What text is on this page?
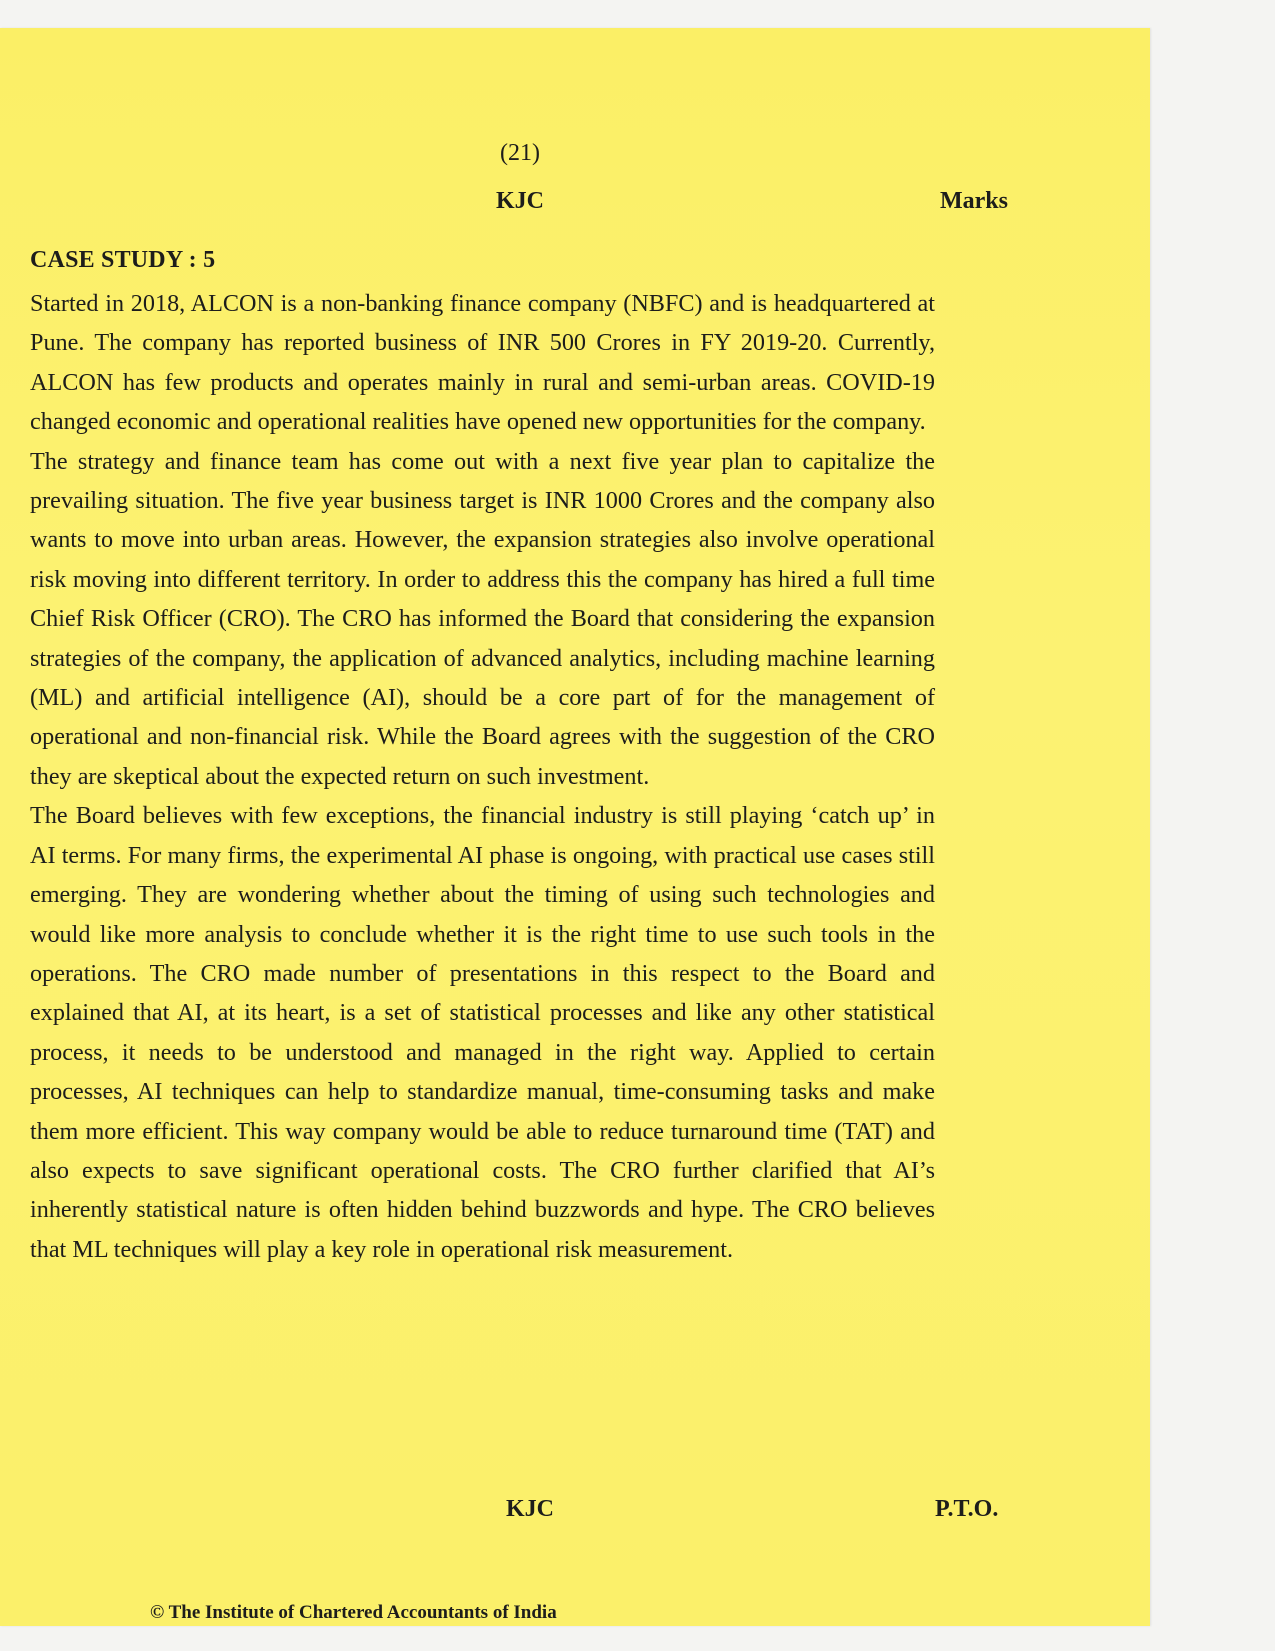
(21)
KJC	Marks
CASE STUDY : 5

Started in 2018, ALCON is a non-banking finance company (NBFC) and is headquartered at Pune. The company has reported business of INR 500 Crores in FY 2019-20. Currently, ALCON has few products and operates mainly in rural and semi-urban areas. COVID-19 changed economic and operational realities have opened new opportunities for the company.

The strategy and finance team has come out with a next five year plan to capitalize the prevailing situation. The five year business target is INR 1000 Crores and the company also wants to move into urban areas. However, the expansion strategies also involve operational risk moving into different territory. In order to address this the company has hired a full time Chief Risk Officer (CRO). The CRO has informed the Board that considering the expansion strategies of the company, the application of advanced analytics, including machine learning (ML) and artificial intelligence (AI), should be a core part of for the management of operational and non-financial risk. While the Board agrees with the suggestion of the CRO they are skeptical about the expected return on such investment.

The Board believes with few exceptions, the financial industry is still playing ‘catch up’ in AI terms. For many firms, the experimental AI phase is ongoing, with practical use cases still emerging. They are wondering whether about the timing of using such technologies and would like more analysis to conclude whether it is the right time to use such tools in the operations. The CRO made number of presentations in this respect to the Board and explained that AI, at its heart, is a set of statistical processes and like any other statistical process, it needs to be understood and managed in the right way. Applied to certain processes, AI techniques can help to standardize manual, time-consuming tasks and make them more efficient. This way company would be able to reduce turnaround time (TAT) and also expects to save significant operational costs. The CRO further clarified that AI’s inherently statistical nature is often hidden behind buzzwords and hype. The CRO believes that ML techniques will play a key role in operational risk measurement.

KJC	P.T.O.
© The Institute of Chartered Accountants of India
